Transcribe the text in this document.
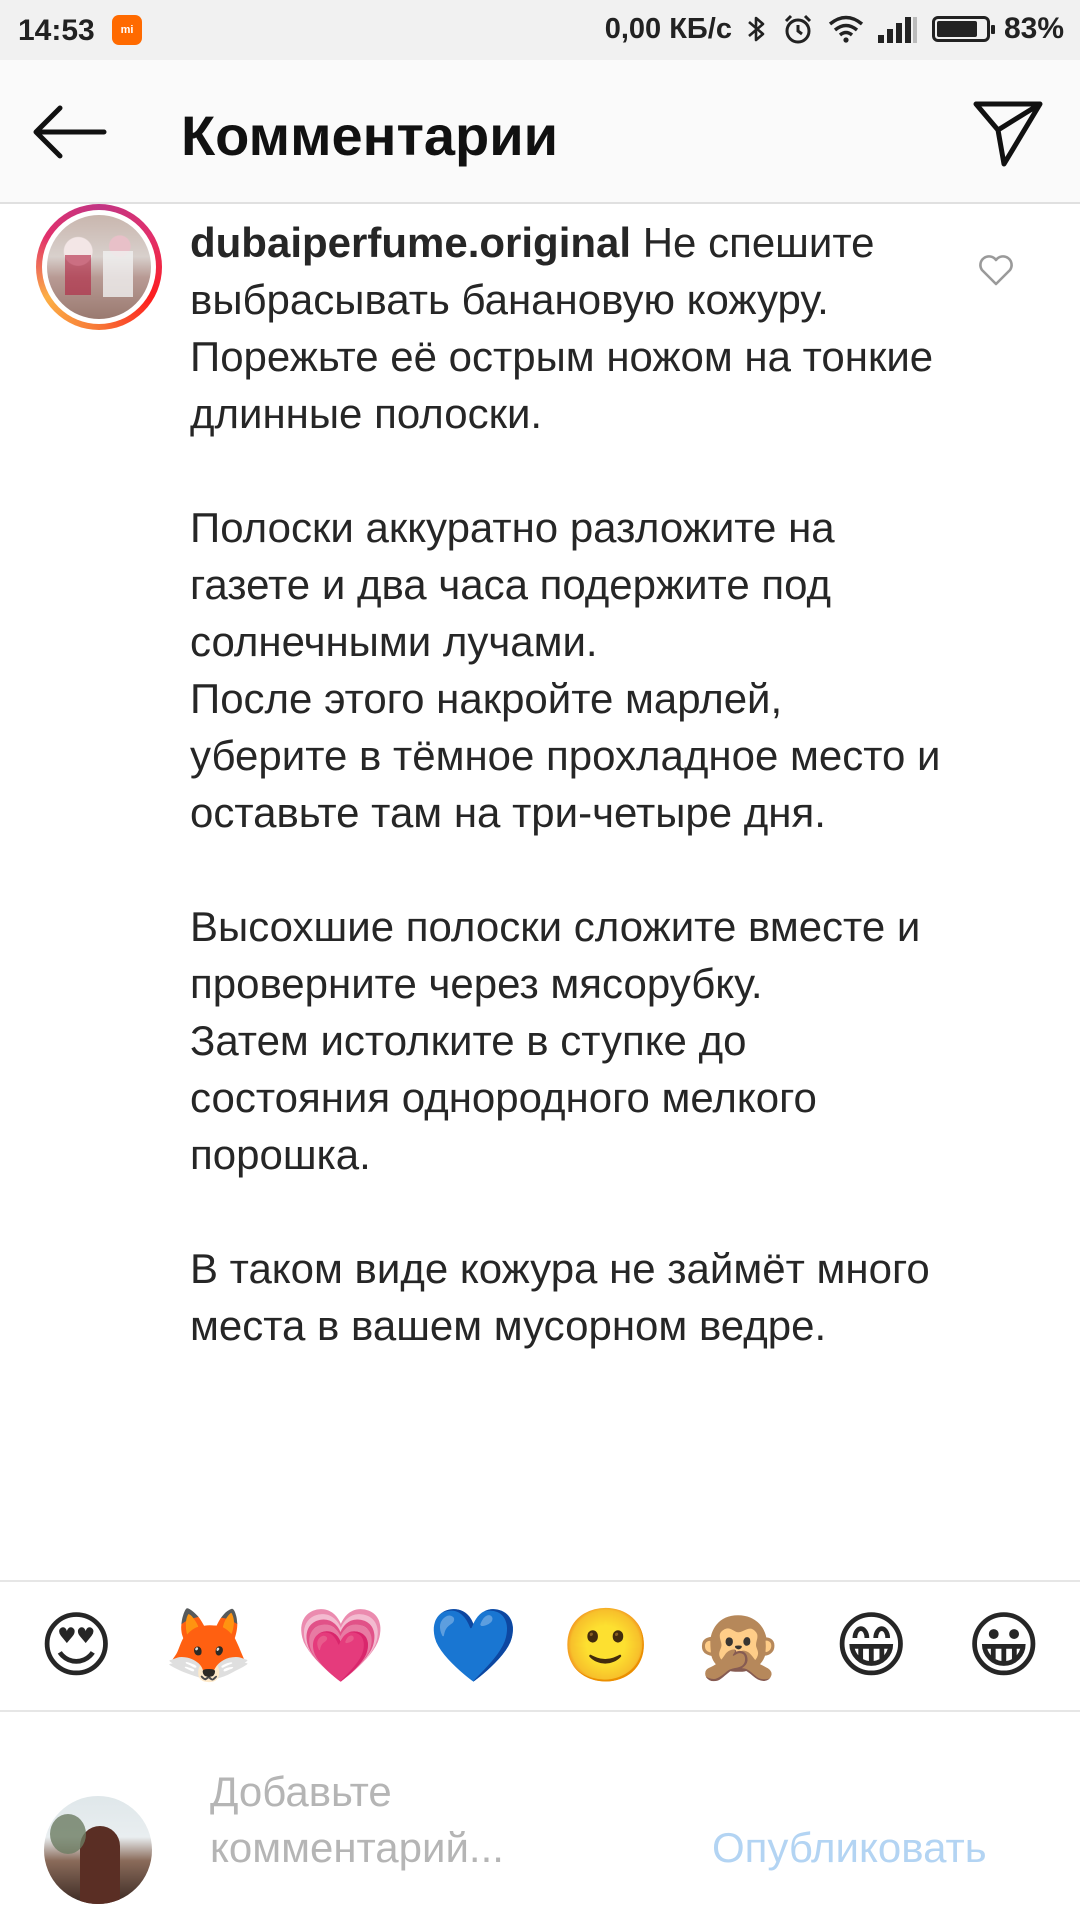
14:53	mi	0,00 КБ/с	83%
Комментарии
dubaiperfume.original Не спешите выбрасывать банановую кожуру.
Порежьте её острым ножом на тонкие длинные полоски.

Полоски аккуратно разложите на газете и два часа подержите под солнечными лучами.
После этого накройте марлей, уберите в тёмное прохладное место и оставьте там на три-четыре дня.

Высохшие полоски сложите вместе и проверните через мясорубку.
Затем истолките в ступке до состояния однородного мелкого порошка.

В таком виде кожура не займёт много места в вашем мусорном ведре.
😍 🦊 💗 💙 🙂 🙊 😁 😀
Добавьте
комментарий...	Опубликовать
